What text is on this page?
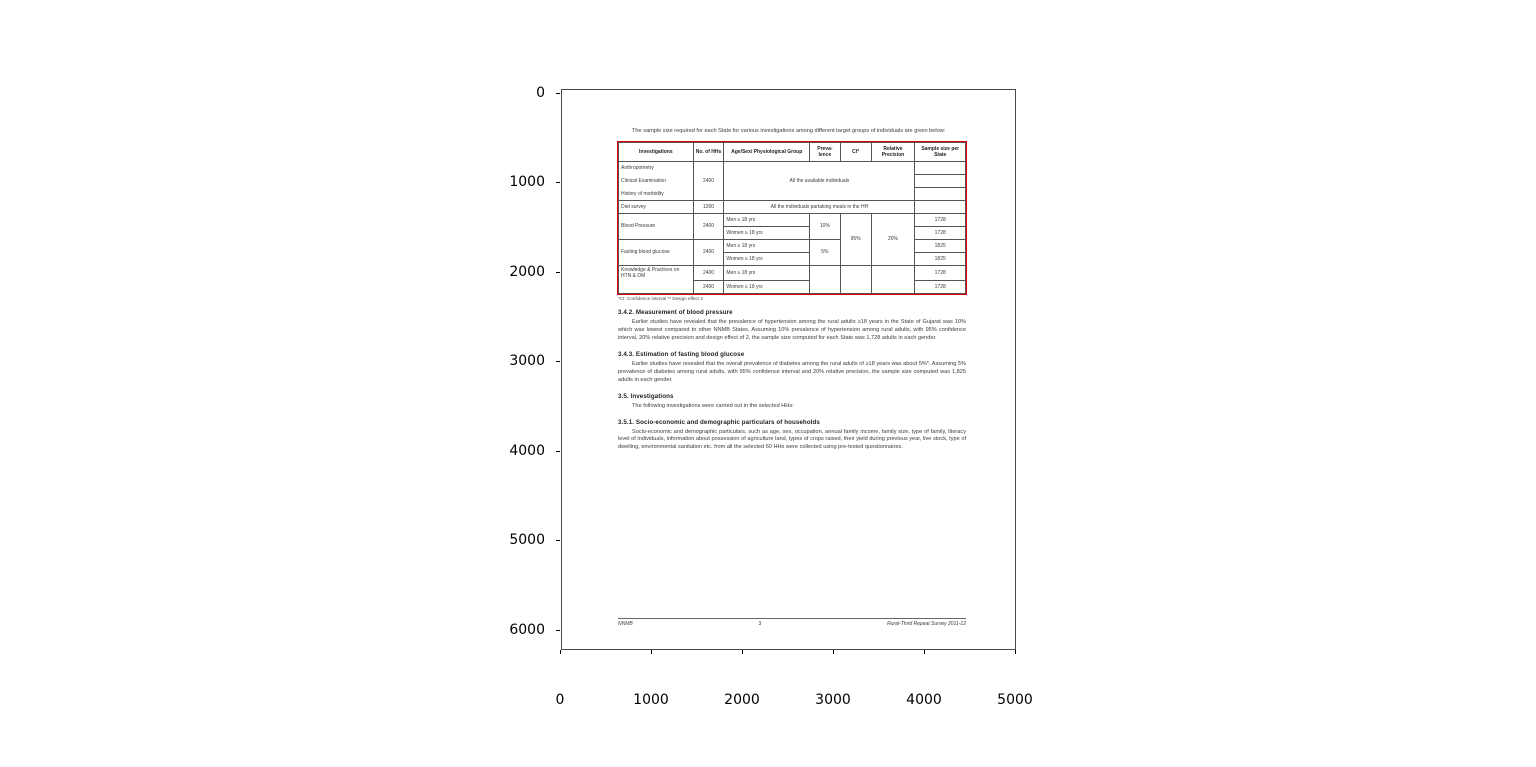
0
1000
2000
3000
4000
5000
6000
0	1000	2000	3000	4000	5000

The sample size required for each State for various investigations among different target groups of individuals are given below:

Investigations	No. of HHs	Age/Sex/ Physiological Group	Preva- lence	CI*	Relative Precision	Sample size per State
Anthropometry		All the available individuals				
Clinical Examination	2400					
History of morbidity						
Diet survey	1200	All the individuals partaking meals in the HH				
Blood Pressure	2400	Men ≥ 18 yrs	10%	95%	20%	1728
		Women ≥ 18 yrs				1728
Fasting blood glucose	2400	Men ≥ 18 yrs	5%			1825
		Women ≥ 18 yrs				1825
Knowledge & Practices on HTN & DM	2400	Men ≥ 18 yrs				1728
	2400	Women ≥ 18 yrs				1728
*CI: Confidence interval ** Design effect 2
3.4.2. Measurement of blood pressure

Earlier studies have revealed that the prevalence of hypertension among the rural adults ≥18 years in the State of Gujarat was 10% which was lowest compared to other NNMB States. Assuming 10% prevalence of hypertension among rural adults, with 95% confidence interval, 20% relative precision and design effect of 2, the sample size computed for each State was 1,728 adults in each gender.

3.4.3. Estimation of fasting blood glucose

Earlier studies have revealed that the overall prevalence of diabetes among the rural adults of ≥18 years was about 5%*. Assuming 5% prevalence of diabetes among rural adults, with 95% confidence interval and 20% relative precision, the sample size computed was 1,825 adults in each gender.

3.5. Investigations

The following investigations were carried out in the selected HHs:

3.5.1. Socio-economic and demographic particulars of households

Socio-economic and demographic particulars, such as age, sex, occupation, annual family income, family size, type of family, literacy level of individuals, information about possession of agriculture land, types of crops raised, their yield during previous year, live stock, type of dwelling, environmental sanitation etc. from all the selected 60 HHs were collected using pre-tested questionnaires.

NNMB	3	Rural-Third Repeat Survey 2011-12
